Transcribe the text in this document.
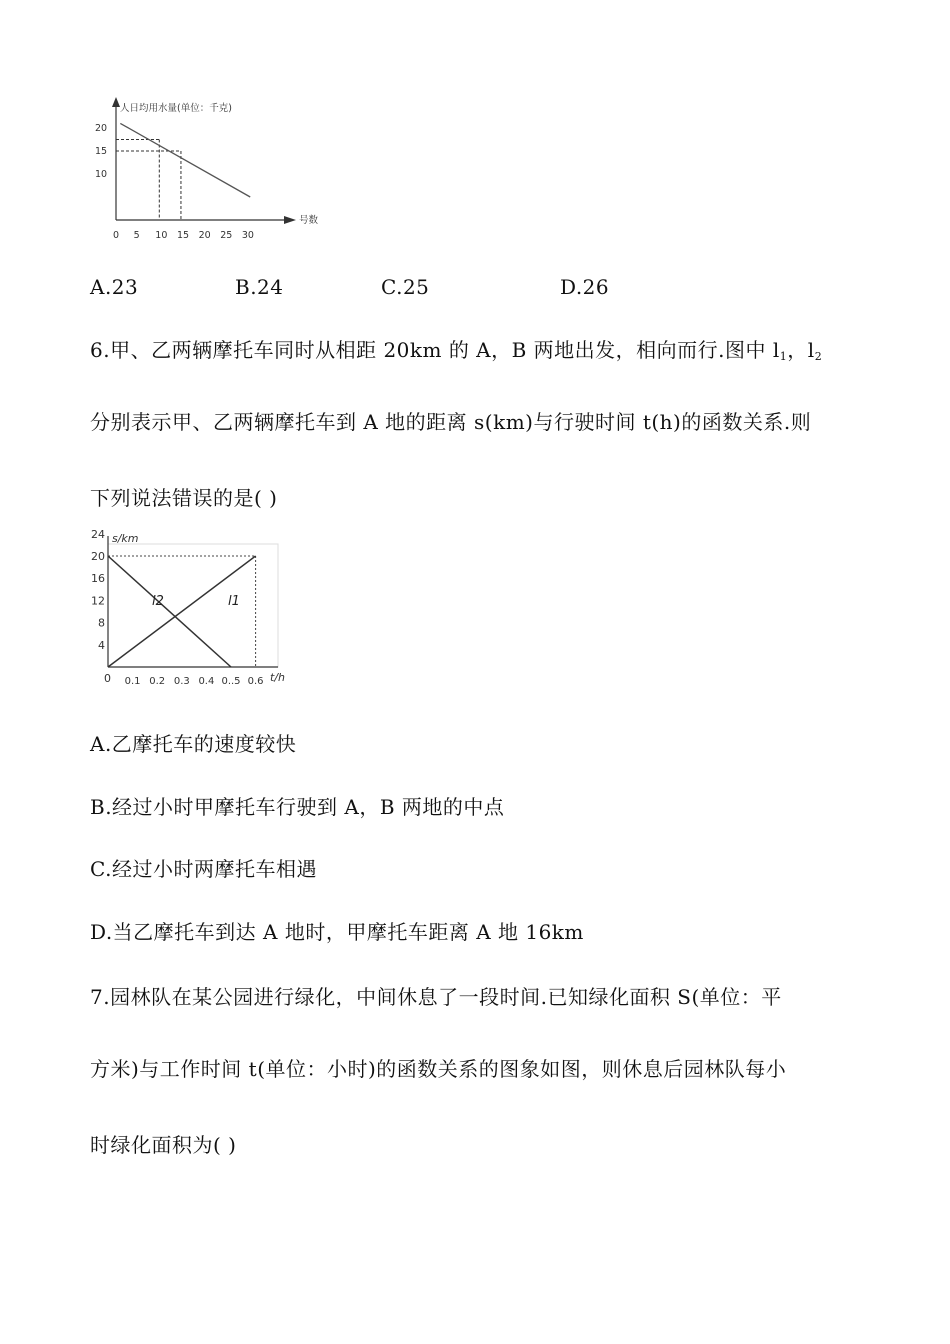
人日均用水量(单位：千克)
号数
20
15
10
0 5 10 15 20 25 30
A.23	B.24	C.25	D.26
6.甲、乙两辆摩托车同时从相距 20km 的 A，B 两地出发，相向而行.图中 $l_1$，$l_2$
分别表示甲、乙两辆摩托车到 A 地的距离 s(km)与行驶时间 t(h)的函数关系.则
下列说法错误的是( )
s/km
t/h
0
24
20
16
12
8
4
0.1 0.2 0.3 0.4 0..5 0.6
l2	l1
A.乙摩托车的速度较快
B.经过小时甲摩托车行驶到 A，B 两地的中点
C.经过小时两摩托车相遇
D.当乙摩托车到达 A 地时，甲摩托车距离 A 地 16km
7.园林队在某公园进行绿化，中间休息了一段时间.已知绿化面积 S(单位：平
方米)与工作时间 t(单位：小时)的函数关系的图象如图，则休息后园林队每小
时绿化面积为( )
